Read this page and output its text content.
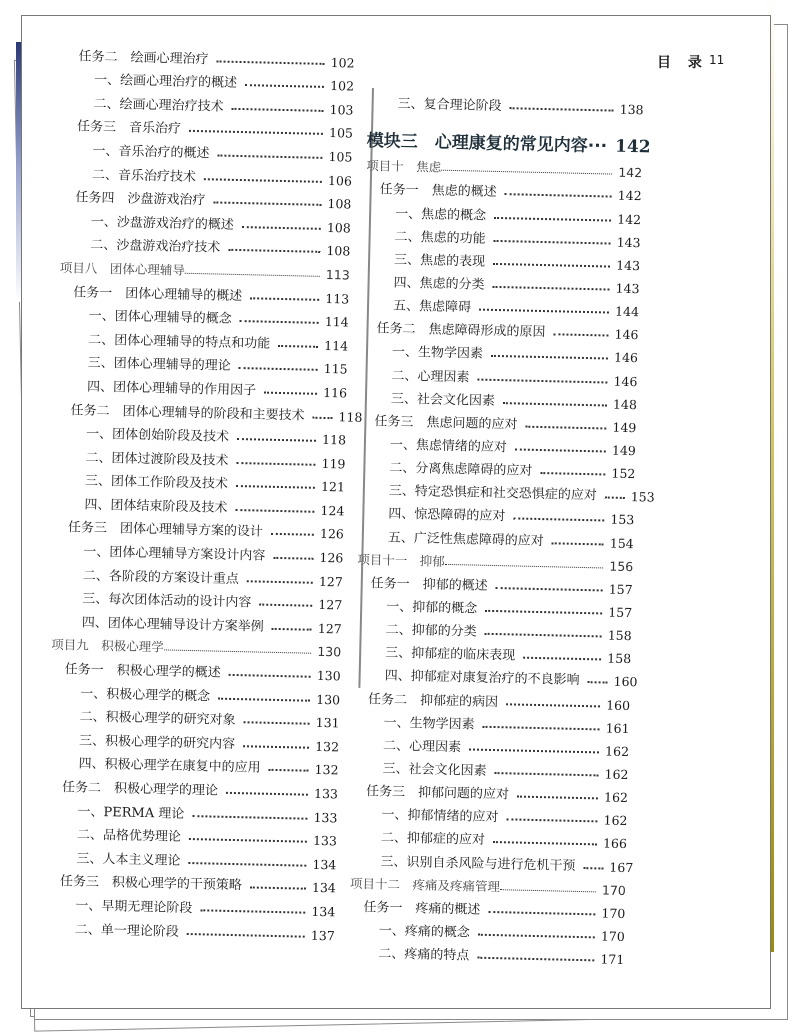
目 录 11
任务二　绘画心理治疗	102
一、绘画心理治疗的概述	102
二、绘画心理治疗技术	103
任务三　音乐治疗	105
一、音乐治疗的概述	105
二、音乐治疗技术	106
任务四　沙盘游戏治疗	108
一、沙盘游戏治疗的概述	108
二、沙盘游戏治疗技术	108
项目八　团体心理辅导	113
任务一　团体心理辅导的概述	113
一、团体心理辅导的概念	114
二、团体心理辅导的特点和功能	114
三、团体心理辅导的理论	115
四、团体心理辅导的作用因子	116
任务二　团体心理辅导的阶段和主要技术	118
一、团体创始阶段及技术	118
二、团体过渡阶段及技术	119
三、团体工作阶段及技术	121
四、团体结束阶段及技术	124
任务三　团体心理辅导方案的设计	126
一、团体心理辅导方案设计内容	126
二、各阶段的方案设计重点	127
三、每次团体活动的设计内容	127
四、团体心理辅导设计方案举例	127
项目九　积极心理学	130
任务一　积极心理学的概述	130
一、积极心理学的概念	130
二、积极心理学的研究对象	131
三、积极心理学的研究内容	132
四、积极心理学在康复中的应用	132
任务二　积极心理学的理论	133
一、PERMA 理论	133
二、品格优势理论	133
三、人本主义理论	134
任务三　积极心理学的干预策略	134
一、早期无理论阶段	134
二、单一理论阶段	137
三、复合理论阶段	138
模块三　心理康复的常见内容 ··· 142
项目十　焦虑	142
任务一　焦虑的概述	142
一、焦虑的概念	142
二、焦虑的功能	143
三、焦虑的表现	143
四、焦虑的分类	143
五、焦虑障碍	144
任务二　焦虑障碍形成的原因	146
一、生物学因素	146
二、心理因素	146
三、社会文化因素	148
任务三　焦虑问题的应对	149
一、焦虑情绪的应对	149
二、分离焦虑障碍的应对	152
三、特定恐惧症和社交恐惧症的应对	153
四、惊恐障碍的应对	153
五、广泛性焦虑障碍的应对	154
项目十一　抑郁	156
任务一　抑郁的概述	157
一、抑郁的概念	157
二、抑郁的分类	158
三、抑郁症的临床表现	158
四、抑郁症对康复治疗的不良影响	160
任务二　抑郁症的病因	160
一、生物学因素	161
二、心理因素	162
三、社会文化因素	162
任务三　抑郁问题的应对	162
一、抑郁情绪的应对	162
二、抑郁症的应对	166
三、识别自杀风险与进行危机干预	167
项目十二　疼痛及疼痛管理	170
任务一　疼痛的概述	170
一、疼痛的概念	170
二、疼痛的特点	171
